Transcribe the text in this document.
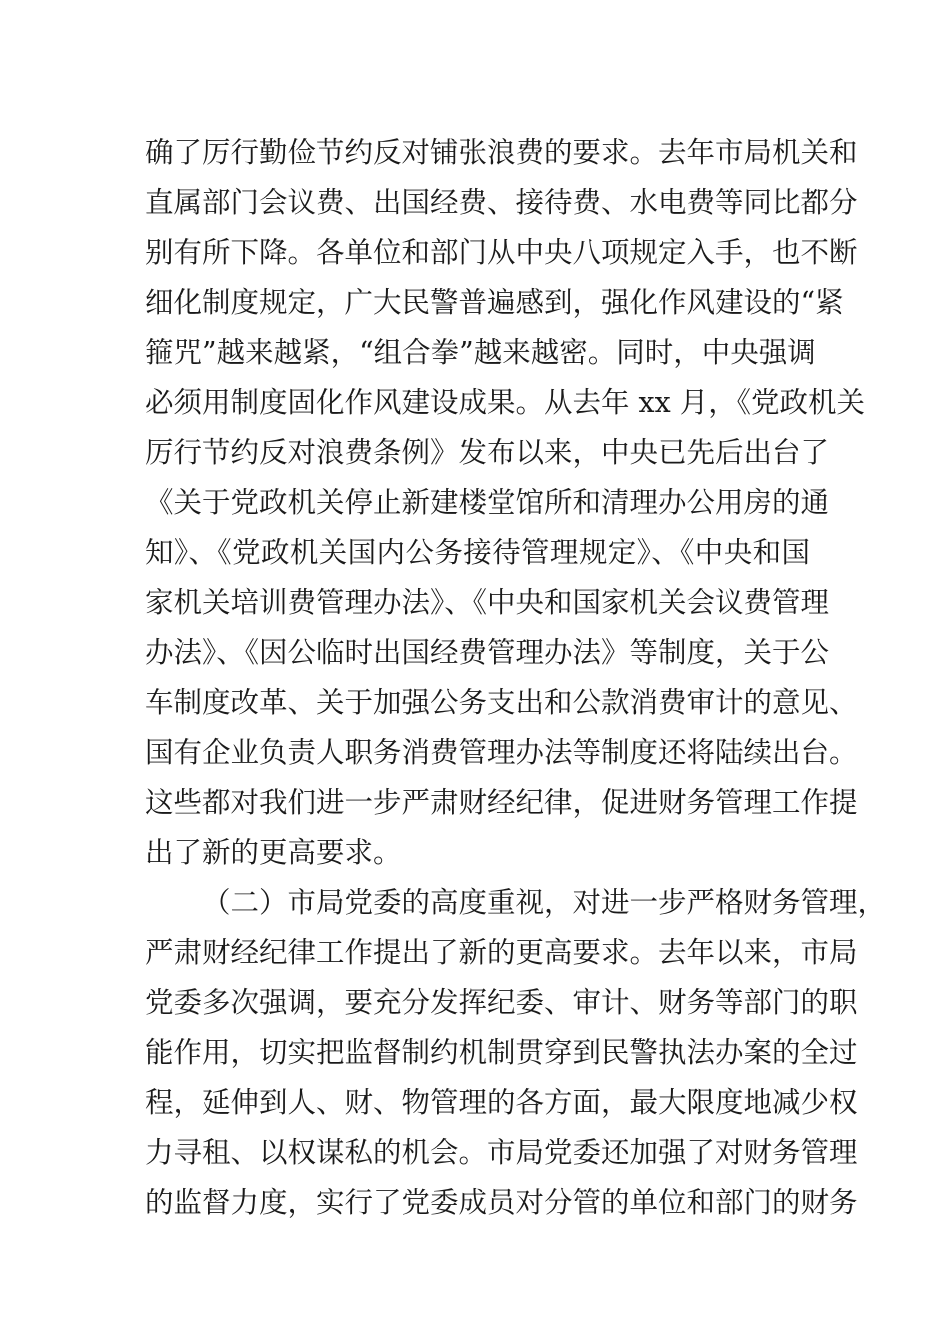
确了厉行勤俭节约反对铺张浪费的要求。去年市局机关和
直属部门会议费、出国经费、接待费、水电费等同比都分
别有所下降。各单位和部门从中央八项规定入手，也不断
细化制度规定，广大民警普遍感到，强化作风建设的“紧
箍咒”越来越紧，“组合拳”越来越密。同时，中央强调
必须用制度固化作风建设成果。从去年 xx 月，《党政机关
厉行节约反对浪费条例》发布以来，中央已先后出台了
《关于党政机关停止新建楼堂馆所和清理办公用房的通
知》、《党政机关国内公务接待管理规定》、《中央和国
家机关培训费管理办法》、《中央和国家机关会议费管理
办法》、《因公临时出国经费管理办法》等制度，关于公
车制度改革、关于加强公务支出和公款消费审计的意见、
国有企业负责人职务消费管理办法等制度还将陆续出台。
这些都对我们进一步严肃财经纪律，促进财务管理工作提
出了新的更高要求。
（二）市局党委的高度重视，对进一步严格财务管理，
严肃财经纪律工作提出了新的更高要求。去年以来，市局
党委多次强调，要充分发挥纪委、审计、财务等部门的职
能作用，切实把监督制约机制贯穿到民警执法办案的全过
程，延伸到人、财、物管理的各方面，最大限度地减少权
力寻租、以权谋私的机会。市局党委还加强了对财务管理
的监督力度，实行了党委成员对分管的单位和部门的财务
